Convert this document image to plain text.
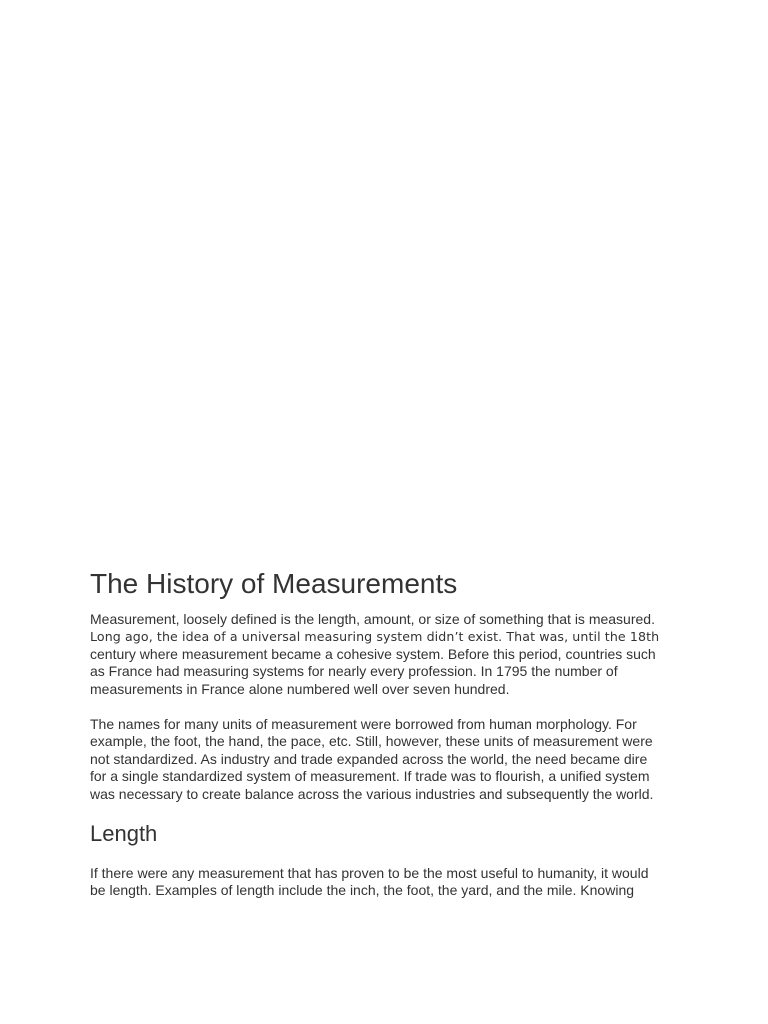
The History of Measurements

Measurement, loosely defined is the length, amount, or size of something that is measured.
Long ago, the idea of a universal measuring system didn’t exist. That was, until the 18th
century where measurement became a cohesive system. Before this period, countries such
as France had measuring systems for nearly every profession. In 1795 the number of
measurements in France alone numbered well over seven hundred.

The names for many units of measurement were borrowed from human morphology. For
example, the foot, the hand, the pace, etc. Still, however, these units of measurement were
not standardized. As industry and trade expanded across the world, the need became dire
for a single standardized system of measurement. If trade was to flourish, a unified system
was necessary to create balance across the various industries and subsequently the world.

Length

If there were any measurement that has proven to be the most useful to humanity, it would
be length. Examples of length include the inch, the foot, the yard, and the mile. Knowing
